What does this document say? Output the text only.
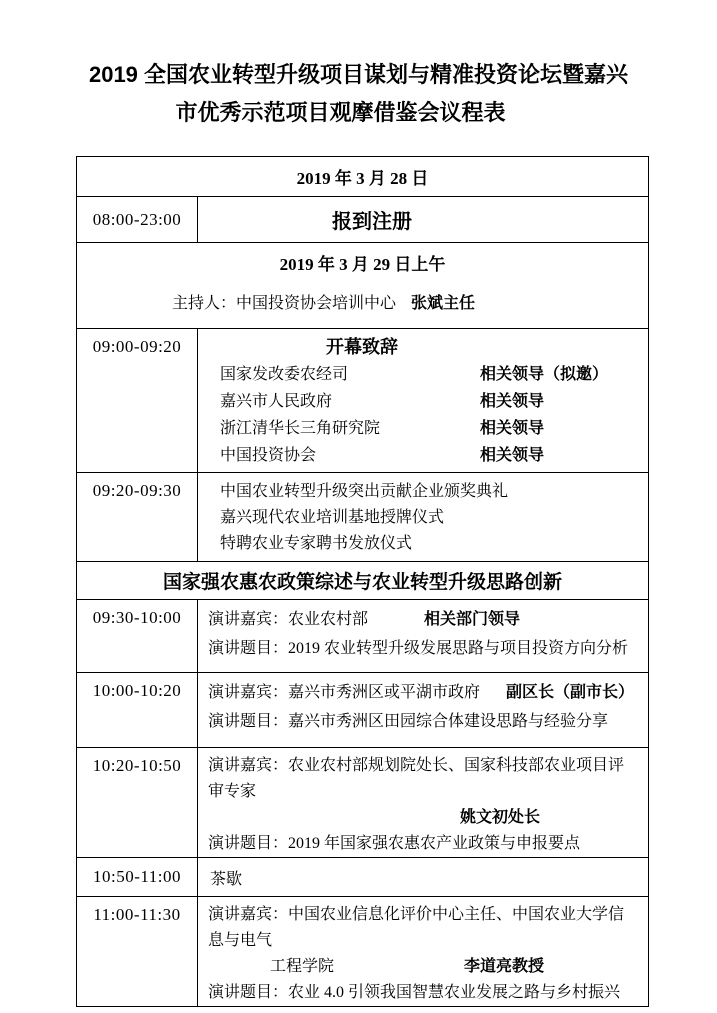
2019 全国农业转型升级项目谋划与精准投资论坛暨嘉兴
市优秀示范项目观摩借鉴会议程表
2019 年 3 月 28 日	
08:00-23:00	报到注册

2019 年 3 月 29 日上午
主持人：中国投资协会培训中心 张斌主任	

09:00-09:20	开幕致辞
国家发改委农经司	相关领导（拟邀）
嘉兴市人民政府	相关领导
浙江清华长三角研究院	相关领导
中国投资协会	相关领导

09:20-09:30	中国农业转型升级突出贡献企业颁奖典礼
嘉兴现代农业培训基地授牌仪式
特聘农业专家聘书发放仪式

国家强农惠农政策综述与农业转型升级思路创新	
09:30-10:00	演讲嘉宾：农业农村部 相关部门领导
演讲题目：2019 农业转型升级发展思路与项目投资方向分析

10:00-10:20	演讲嘉宾：嘉兴市秀洲区或平湖市政府 副区长（副市长）
演讲题目：嘉兴市秀洲区田园综合体建设思路与经验分享

10:20-10:50	演讲嘉宾：农业农村部规划院处长、国家科技部农业项目评审专家
姚文初处长
演讲题目：2019 年国家强农惠农产业政策与申报要点

10:50-11:00	茶歇
11:00-11:30	演讲嘉宾：中国农业信息化评价中心主任、中国农业大学信息与电气
工程学院 李道亮教授
演讲题目：农业 4.0 引领我国智慧农业发展之路与乡村振兴
